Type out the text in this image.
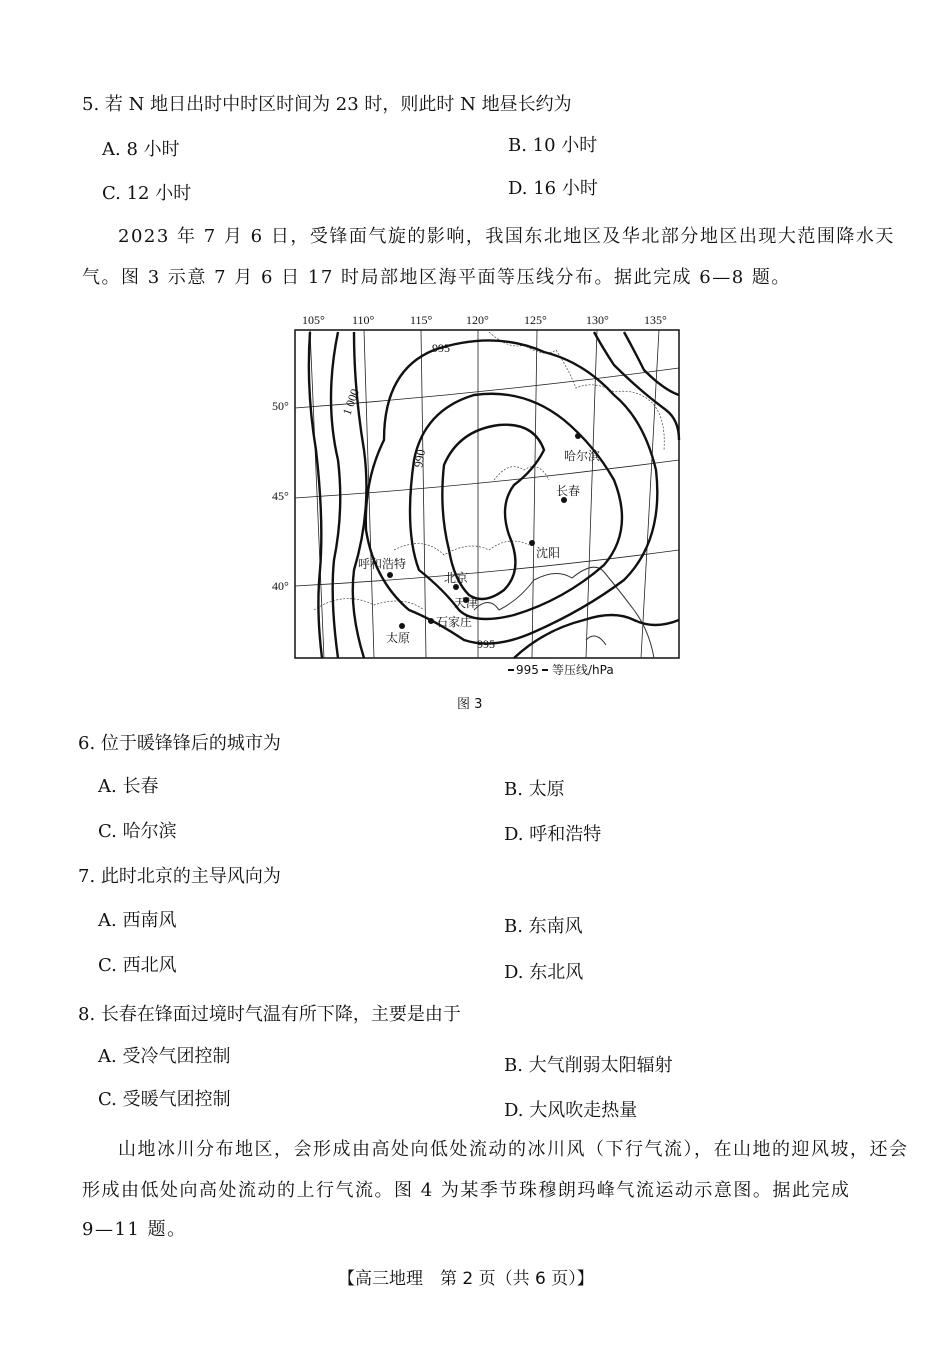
5. 若 N 地日出时中时区时间为 23 时，则此时 N 地昼长约为
A. 8 小时	B. 10 小时
C. 12 小时	D. 16 小时
2023 年 7 月 6 日，受锋面气旋的影响，我国东北地区及华北部分地区出现大范围降水天
气。图 3 示意 7 月 6 日 17 时局部地区海平面等压线分布。据此完成 6—8 题。
105° 110°	115°	120°	125°	130°	135°
50°
45°
40°
995
1 000
990
995
哈尔滨
长春
沈阳
呼和浩特
北京
天津
太原
石家庄
995 等压线/hPa
图 3
6. 位于暖锋锋后的城市为
A. 长春	B. 太原
C. 哈尔滨	D. 呼和浩特
7. 此时北京的主导风向为
A. 西南风	B. 东南风
C. 西北风	D. 东北风
8. 长春在锋面过境时气温有所下降，主要是由于
A. 受冷气团控制	B. 大气削弱太阳辐射
C. 受暖气团控制
D. 大风吹走热量
山地冰川分布地区，会形成由高处向低处流动的冰川风（下行气流），在山地的迎风坡，还会
形成由低处向高处流动的上行气流。图 4 为某季节珠穆朗玛峰气流运动示意图。据此完成
9—11 题。
【高三地理　第 2 页（共 6 页）】
